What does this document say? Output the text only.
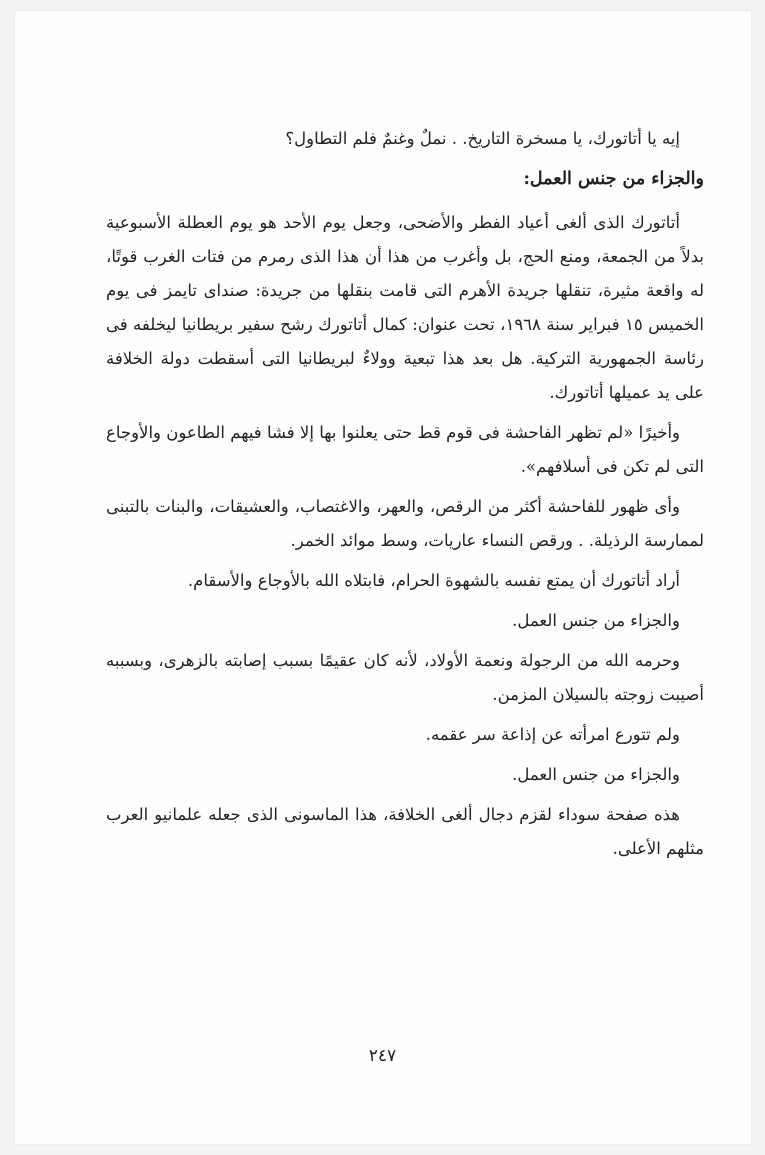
إيه يا أتاتورك، يا مسخرة التاريخ. . نملٌ وغنمٌ فلم التطاول؟

والجزاء من جنس العمل:

أتاتورك الذى ألغى أعياد الفطر والأضحى، وجعل يوم الأحد هو يوم العطلة الأسبوعية بدلاً من الجمعة، ومنع الحج، بل وأغرب من هذا أن هذا الذى رمرم من فتات الغرب قوتًا، له واقعة مثيرة، تنقلها جريدة الأهرم التى قامت بنقلها من جريدة: صنداى تايمز فى يوم الخميس ١٥ فبراير سنة ١٩٦٨، تحت عنوان: كمال أتاتورك رشح سفير بريطانيا ليخلفه فى رئاسة الجمهورية التركية. هل بعد هذا تبعية وولاءٌ لبريطانيا التى أسقطت دولة الخلافة على يد عميلها أتاتورك.

وأخيرًا «لم تظهر الفاحشة فى قوم قط حتى يعلنوا بها إلا فشا فيهم الطاعون والأوجاع التى لم تكن فى أسلافهم».

وأى ظهور للفاحشة أكثر من الرقص، والعهر، والاغتصاب، والعشيقات، والبنات بالتبنى لممارسة الرذيلة. . ورقص النساء عاريات، وسط موائد الخمر.

أراد أتاتورك أن يمتع نفسه بالشهوة الحرام، فابتلاه الله بالأوجاع والأسقام.

والجزاء من جنس العمل.

وحرمه الله من الرجولة ونعمة الأولاد، لأنه كان عقيمًا بسبب إصابته بالزهرى، وبسببه أصيبت زوجته بالسيلان المزمن.

ولم تتورع امرأته عن إذاعة سر عقمه.

والجزاء من جنس العمل.

هذه صفحة سوداء لقزم دجال ألغى الخلافة، هذا الماسونى الذى جعله علمانيو العرب مثلهم الأعلى.

٢٤٧
